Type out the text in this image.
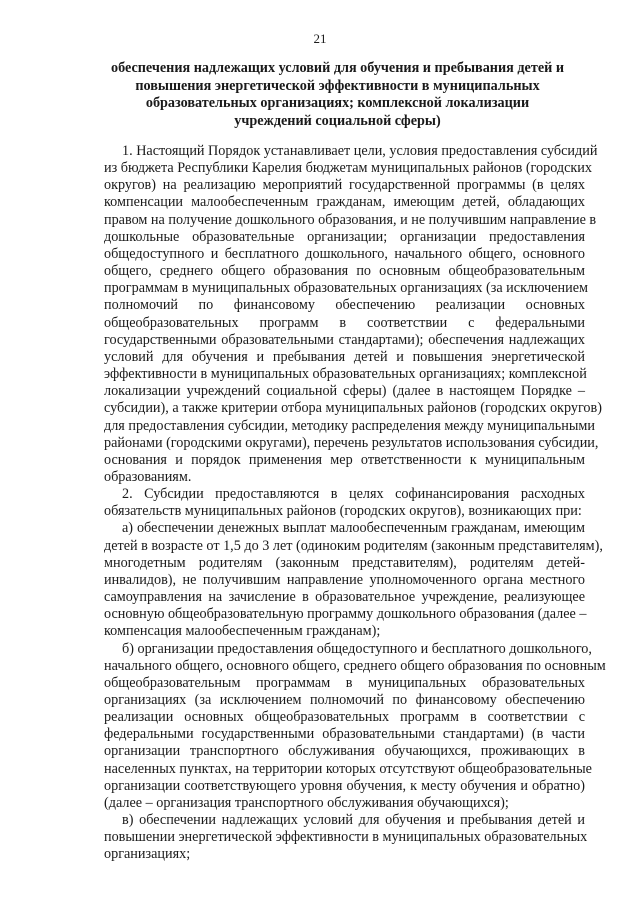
21
обеспечения надлежащих условий для обучения и пребывания детей и
повышения энергетической эффективности в муниципальных
образовательных организациях; комплексной локализации
учреждений социальной сферы)
1. Настоящий Порядок устанавливает цели, условия предоставления субсидий
из бюджета Республики Карелия бюджетам муниципальных районов (городских
округов) на реализацию мероприятий государственной программы (в целях
компенсации малообеспеченным гражданам, имеющим детей, обладающих
правом на получение дошкольного образования, и не получившим направление в
дошкольные образовательные организации; организации предоставления
общедоступного и бесплатного дошкольного, начального общего, основного
общего, среднего общего образования по основным общеобразовательным
программам в муниципальных образовательных организациях (за исключением
полномочий по финансовому обеспечению реализации основных
общеобразовательных программ в соответствии с федеральными
государственными образовательными стандартами); обеспечения надлежащих
условий для обучения и пребывания детей и повышения энергетической
эффективности в муниципальных образовательных организациях; комплексной
локализации учреждений социальной сферы) (далее в настоящем Порядке –
субсидии), а также критерии отбора муниципальных районов (городских округов)
для предоставления субсидии, методику распределения между муниципальными
районами (городскими округами), перечень результатов использования субсидии,
основания и порядок применения мер ответственности к муниципальным
образованиям.
2. Субсидии предоставляются в целях софинансирования расходных
обязательств муниципальных районов (городских округов), возникающих при:
а) обеспечении денежных выплат малообеспеченным гражданам, имеющим
детей в возрасте от 1,5 до 3 лет (одиноким родителям (законным представителям),
многодетным родителям (законным представителям), родителям детей-
инвалидов), не получившим направление уполномоченного органа местного
самоуправления на зачисление в образовательное учреждение, реализующее
основную общеобразовательную программу дошкольного образования (далее –
компенсация малообеспеченным гражданам);
б) организации предоставления общедоступного и бесплатного дошкольного,
начального общего, основного общего, среднего общего образования по основным
общеобразовательным программам в муниципальных образовательных
организациях (за исключением полномочий по финансовому обеспечению
реализации основных общеобразовательных программ в соответствии с
федеральными государственными образовательными стандартами) (в части
организации транспортного обслуживания обучающихся, проживающих в
населенных пунктах, на территории которых отсутствуют общеобразовательные
организации соответствующего уровня обучения, к месту обучения и обратно)
(далее – организация транспортного обслуживания обучающихся);
в) обеспечении надлежащих условий для обучения и пребывания детей и
повышении энергетической эффективности в муниципальных образовательных
организациях;
